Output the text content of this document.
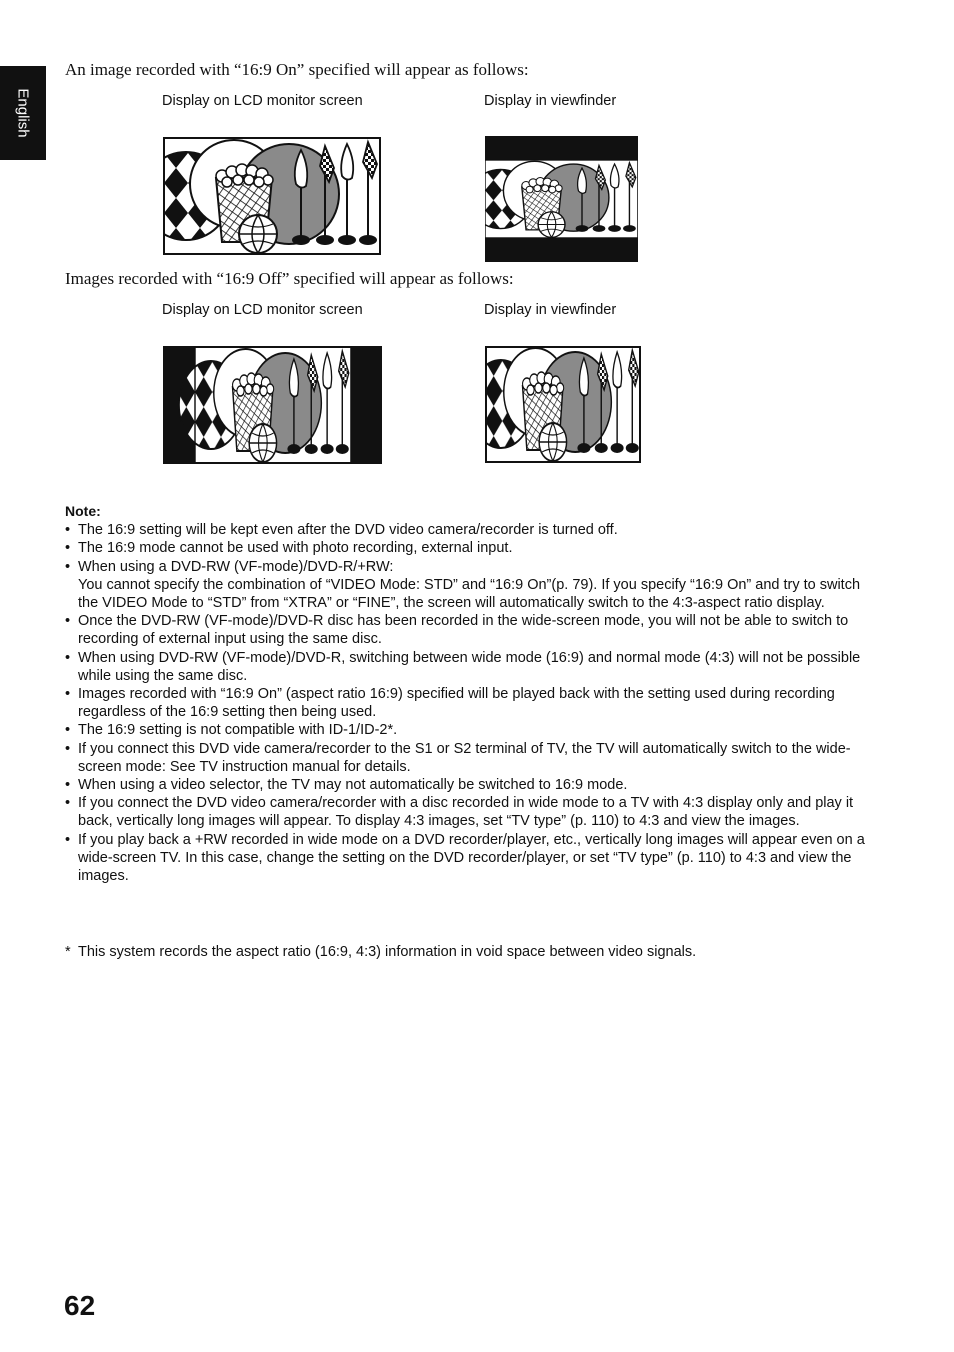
English
An image recorded with “16:9 On” specified will appear as follows:
Display on LCD monitor screen	Display in viewfinder
Images recorded with “16:9 Off” specified will appear as follows:
Display on LCD monitor screen	Display in viewfinder
Note:
• The 16:9 setting will be kept even after the DVD video camera/recorder is turned off.
• The 16:9 mode cannot be used with photo recording, external input.
• When using a DVD-RW (VF-mode)/DVD-R/+RW:
You cannot specify the combination of “VIDEO Mode: STD” and “16:9 On”(p. 79). If you specify “16:9 On” and try to switch the VIDEO Mode to “STD” from “XTRA” or “FINE”, the screen will automatically switch to the 4:3-aspect ratio display.
• Once the DVD-RW (VF-mode)/DVD-R disc has been recorded in the wide-screen mode, you will not be able to switch to recording of external input using the same disc.
• When using DVD-RW (VF-mode)/DVD-R, switching between wide mode (16:9) and normal mode (4:3) will not be possible while using the same disc.
• Images recorded with “16:9 On” (aspect ratio 16:9) specified will be played back with the setting used during recording regardless of the 16:9 setting then being used.
• The 16:9 setting is not compatible with ID-1/ID-2*.
• If you connect this DVD vide camera/recorder to the S1 or S2 terminal of TV, the TV will automatically switch to the wide-screen mode: See TV instruction manual for details.
• When using a video selector, the TV may not automatically be switched to 16:9 mode.
• If you connect the DVD video camera/recorder with a disc recorded in wide mode to a TV with 4:3 display only and play it back, vertically long images will appear. To display 4:3 images, set “TV type” (p. 110) to 4:3 and view the images.
• If you play back a +RW recorded in wide mode on a DVD recorder/player, etc., vertically long images will appear even on a wide-screen TV. In this case, change the setting on the DVD recorder/player, or set “TV type” (p. 110) to 4:3 and view the images.
* This system records the aspect ratio (16:9, 4:3) information in void space between video signals.
62
